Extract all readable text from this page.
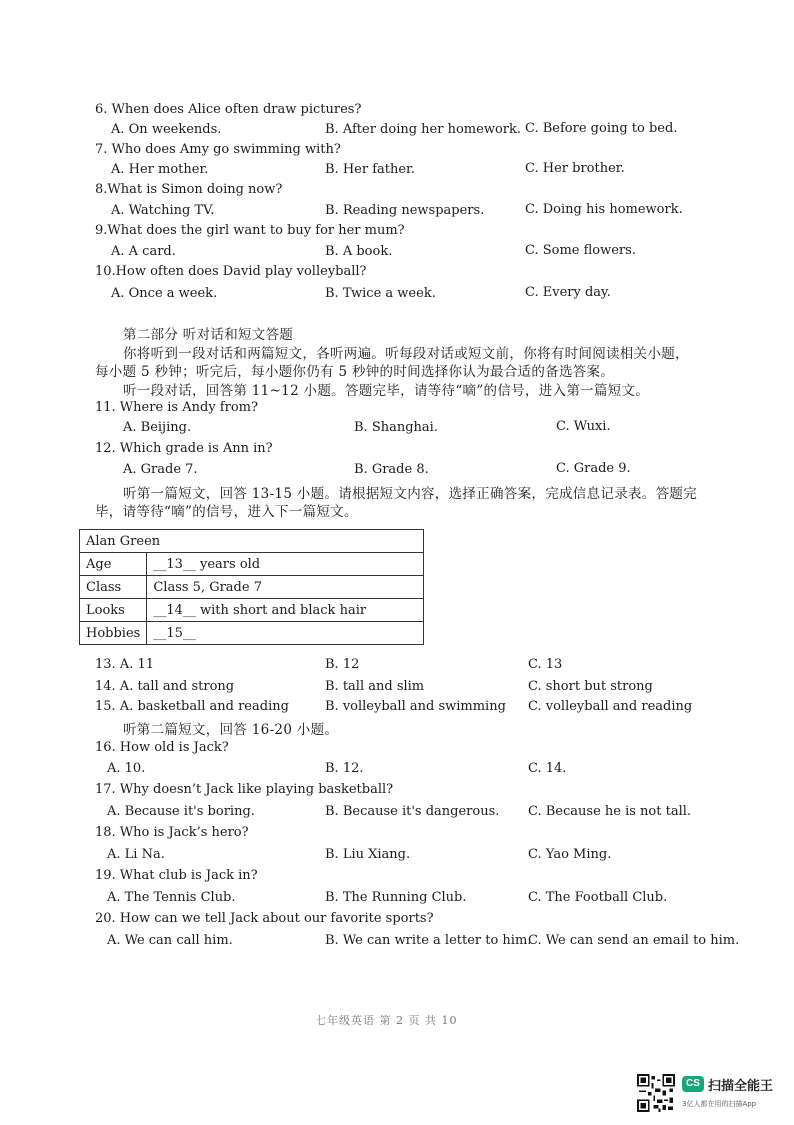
6. When does Alice often draw pictures?
A. On weekends.	B. After doing her homework. C. Before going to bed.
7. Who does Amy go swimming with?
A. Her mother.	B. Her father.	C. Her brother.
8.What is Simon doing now?
A. Watching TV.	B. Reading newspapers.	C. Doing his homework.
9.What does the girl want to buy for her mum?
A. A card.	B. A book.	C. Some flowers.
10.How often does David play volleyball?
A. Once a week.	B. Twice a week.	C. Every day.
第二部分 听对话和短文答题
你将听到一段对话和两篇短文，各听两遍。听每段对话或短文前，你将有时间阅读相关小题，
每小题 5 秒钟；听完后，每小题你仍有 5 秒钟的时间选择你认为最合适的备选答案。
听一段对话，回答第 11~12 小题。答题完毕，请等待“嘀”的信号，进入第一篇短文。
11. Where is Andy from?
A. Beijing.	B. Shanghai.	C. Wuxi.
12. Which grade is Ann in?
A. Grade 7.	B. Grade 8.	C. Grade 9.
听第一篇短文，回答 13-15 小题。请根据短文内容，选择正确答案，完成信息记录表。答题完
毕，请等待“嘀”的信号，进入下一篇短文。
Alan Green	
Age	__13__ years old
Class	Class 5, Grade 7
Looks	__14__ with short and black hair
Hobbies	__15__
13. A. 11	B. 12	C. 13
14. A. tall and strong	B. tall and slim	C. short but strong
15. A. basketball and reading	B. volleyball and swimming C. volleyball and reading
听第二篇短文，回答 16-20 小题。
16. How old is Jack?
A. 10.	B. 12.	C. 14.
17. Why doesn’t Jack like playing basketball?
A. Because it's boring.	B. Because it's dangerous. C. Because he is not tall.
18. Who is Jack’s hero?
A. Li Na.	B. Liu Xiang.	C. Yao Ming.
19. What club is Jack in?
A. The Tennis Club.	B. The Running Club.	C. The Football Club.
20. How can we tell Jack about our favorite sports?
A. We can call him.	B. We can write a letter to him.
C. We can send an email to him.
七年级英语 第 2 页 共 10
CS 扫描全能王
3亿人都在用的扫描App
